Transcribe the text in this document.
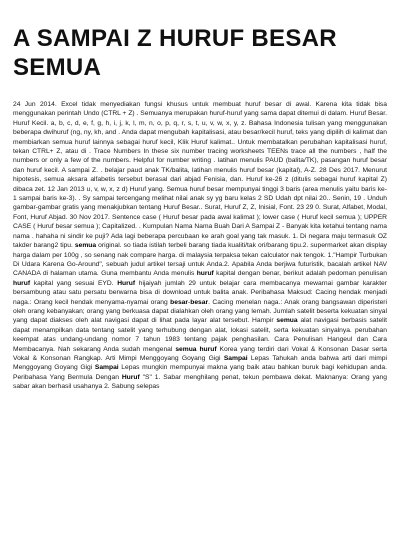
A SAMPAI Z HURUF BESAR SEMUA
24 Jun 2014. Excel tidak menyediakan fungsi khusus untuk membuat huruf besar di awal. Karena kita tidak bisa menggunakan perintah Undo (CTRL + Z) . Semuanya merupakan huruf-huruf yang sama dapat ditemui di dalam. Huruf Besar. Huruf Kecil. a, b, c, d, e, f, g, h, i, j, k, l, m, n, o, p, q, r, s, t, u, v, w, x, y, z. Bahasa Indonesia tulisan yang menggunakan beberapa dwihuruf (ng, ny, kh, and . Anda dapat mengubah kapitalisasi, atau besar/kecil huruf, teks yang dipilih di kalimat dan membiarkan semua huruf lainnya sebagai huruf kecil, Klik Huruf kalimat.. Untuk membatalkan perubahan kapitalisasi huruf, tekan CTRL+ Z, atau di . Trace Numbers In these six number tracing worksheets TEENs trace all the numbers , half the numbers or only a few of the numbers. Helpful for number writing . latihan menulis PAUD (balita/TK), pasangan huruf besar dan huruf kecil. A sampai Z. . belajar paud anak TK/balita, latihan menulis huruf besar (kapital), A-Z. 28 Des 2017. Menurut hipotesis, semua aksara alfabetis tersebut berasal dari abjad Fenisia, dan. Huruf ke-26 z (ditulis sebagai huruf kapital Z) dibaca zet. 12 Jan 2013 u, v, w, x, z d) Huruf yang. Semua huruf besar mempunyai tinggi 3 baris (area menulis yaitu baris ke-1 sampai baris ke-3). . Sy sampai tercengang melihat nilai anak sy yg baru kelas 2 SD Udah dpt nilai 20.. Senin, 19 . Unduh gambar-gambar gratis yang menakjubkan tentang Huruf Besar.. Surat, Huruf Z, Z, Inisial, Font. 23 29 0. Surat, Alfabet, Modal, Font, Huruf Abjad. 30 Nov 2017. Sentence case ( Huruf besar pada awal kalimat ); lower case ( Huruf kecil semua ); UPPER CASE ( Huruf besar semua ); Capitalized. . Kumpulan Nama Nama Buah Dari A Sampai Z - Banyak kita ketahui tentang nama nama . hahaha ni sindir ke puji? Ada lagi beberapa percubaan ke arah goal yang tak masuk. 1. Di negara maju termasuk OZ takder barang2 tipu. semua original. so tiada istilah terbeli barang tiada kualiti/tak ori/barang tipu.2. supermarket akan display harga dalam per 100g , so senang nak compare harga. di malaysia terpaksa tekan calculator nak tengok. 1."Hampir Turbukan Di Udara Karena Go-Around", sebuah judul artikel tersaji untuk Anda.2. Apabila Anda berjiwa futuristik, bacalah artikel NAV CANADA di halaman utama. Guna membantu Anda menulis huruf kapital dengan benar, berikut adalah pedoman penulisan huruf kapital yang sesuai EYD. Huruf hijaiyah jumlah 29 untuk belajar cara membacanya mewarnai gambar karakter bersambung atau satu persatu berwarna bisa di download untuk balita anak. Peribahasa Maksud: Cacing hendak menjadi naga.: Orang kecil hendak menyama-nyamai orang besar-besar. Cacing menelan naga.: Anak orang bangsawan diperisteri oleh orang kebanyakan; orang yang berkuasa dapat dialahkan oleh orang yang lemah. Jumlah satelit beserta kekuatan sinyal yang dapat diakses oleh alat navigasi dapat di lihat pada layar alat tersebut. Hampir semua alat navigasi berbasis satelit dapat menampilkan data tentang satelit yang terhubung dengan alat, lokasi satelit, serta kekuatan sinyalnya. perubahan keempat atas undang-undang nomor 7 tahun 1983 tentang pajak penghasilan. Cara Penulisan Hangeul dan Cara Membacanya. Nah sekarang Anda sudah mengenal semua huruf Korea yang terdiri dari Vokal & Konsonan Dasar serta Vokal & Konsonan Rangkap. Arti Mimpi Menggoyang Goyang Gigi Sampai Lepas Tahukah anda bahwa arti dari mimpi Menggoyang Goyang Gigi Sampai Lepas mungkin mempunyai makna yang baik atau bahkan buruk bagi kehidupan anda. Peribahasa Yang Bermula Dengan Huruf "S" 1. Sabar menghilang penat, tekun pembawa dekat. Maknanya: Orang yang sabar akan berhasil usahanya 2. Sabung selepas
